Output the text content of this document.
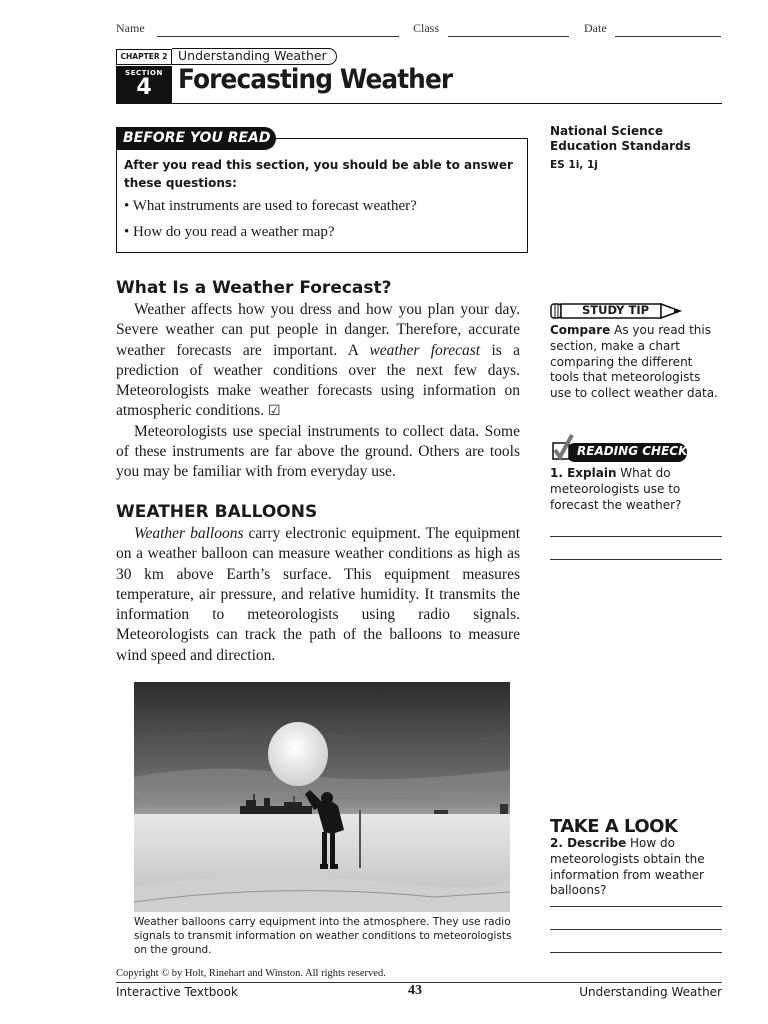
Name	Class	Date
CHAPTER 2 Understanding Weather
SECTION
4 Forecasting Weather
BEFORE YOU READ
After you read this section, you should be able to answer these questions:
• What instruments are used to forecast weather?
• How do you read a weather map?
National Science Education Standards
ES 1i, 1j
What Is a Weather Forecast?

Weather affects how you dress and how you plan your day. Severe weather can put people in danger. Therefore, accurate weather forecasts are important. A weather forecast is a prediction of weather conditions over the next few days. Meteorologists make weather forecasts using information on atmospheric conditions. ☑

Meteorologists use special instruments to collect data. Some of these instruments are far above the ground. Others are tools you may be familiar with from everyday use.

WEATHER BALLOONS

Weather balloons carry electronic equipment. The equipment on a weather balloon can measure weather conditions as high as 30 km above Earth’s surface. This equipment measures temperature, air pressure, and relative humidity. It transmits the information to meteorologists using radio signals. Meteorologists can track the path of the balloons to measure wind speed and direction.

STUDY TIP
Compare As you read this section, make a chart comparing the different tools that meteorologists use to collect weather data.
READING CHECK
1. Explain What do meteorologists use to forecast the weather?
Weather balloons carry equipment into the atmosphere. They use radio signals to transmit information on weather conditions to meteorologists on the ground.
TAKE A LOOK
2. Describe How do meteorologists obtain the information from weather balloons?
Copyright © by Holt, Rinehart and Winston. All rights reserved.
Interactive Textbook	43	Understanding Weather
